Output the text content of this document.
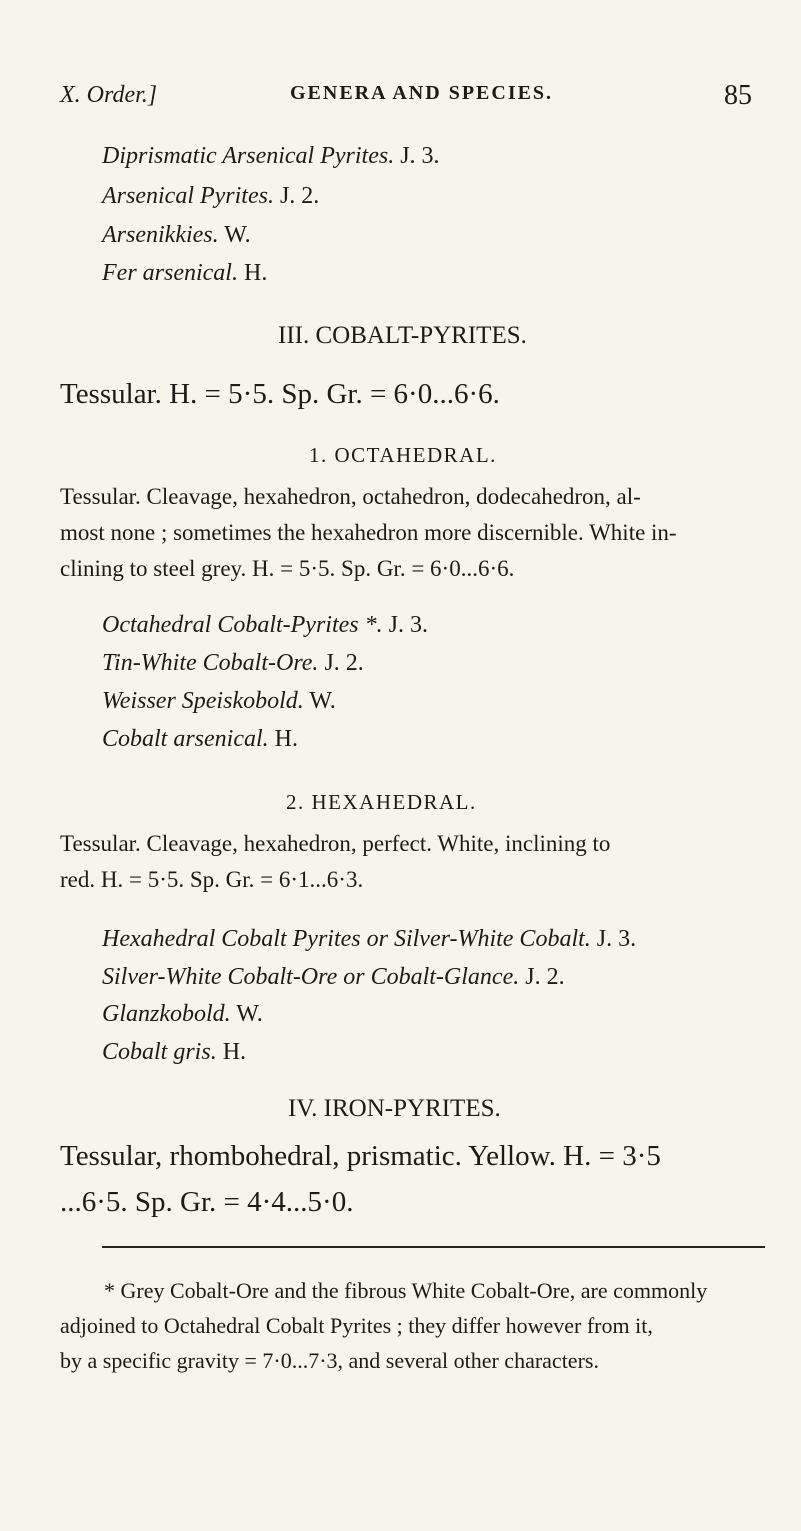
X. Order.]	GENERA AND SPECIES.	85
Diprismatic Arsenical Pyrites. J. 3.
Arsenical Pyrites. J. 2.
Arsenikkies. W.
Fer arsenical. H.
III. COBALT-PYRITES.
Tessular. H. = 5·5. Sp. Gr. = 6·0...6·6.
1. OCTAHEDRAL.
Tessular. Cleavage, hexahedron, octahedron, dodecahedron, al-
most none ; sometimes the hexahedron more discernible. White in-
clining to steel grey. H. = 5·5. Sp. Gr. = 6·0...6·6.
Octahedral Cobalt-Pyrites *. J. 3.
Tin-White Cobalt-Ore. J. 2.
Weisser Speiskobold. W.
Cobalt arsenical. H.
2. HEXAHEDRAL.
Tessular. Cleavage, hexahedron, perfect. White, inclining to
red. H. = 5·5. Sp. Gr. = 6·1...6·3.
Hexahedral Cobalt Pyrites or Silver-White Cobalt. J. 3.
Silver-White Cobalt-Ore or Cobalt-Glance. J. 2.
Glanzkobold. W.
Cobalt gris. H.
IV. IRON-PYRITES.
Tessular, rhombohedral, prismatic. Yellow. H. = 3·5
...6·5. Sp. Gr. = 4·4...5·0.
* Grey Cobalt-Ore and the fibrous White Cobalt-Ore, are commonly
adjoined to Octahedral Cobalt Pyrites ; they differ however from it,
by a specific gravity = 7·0...7·3, and several other characters.
